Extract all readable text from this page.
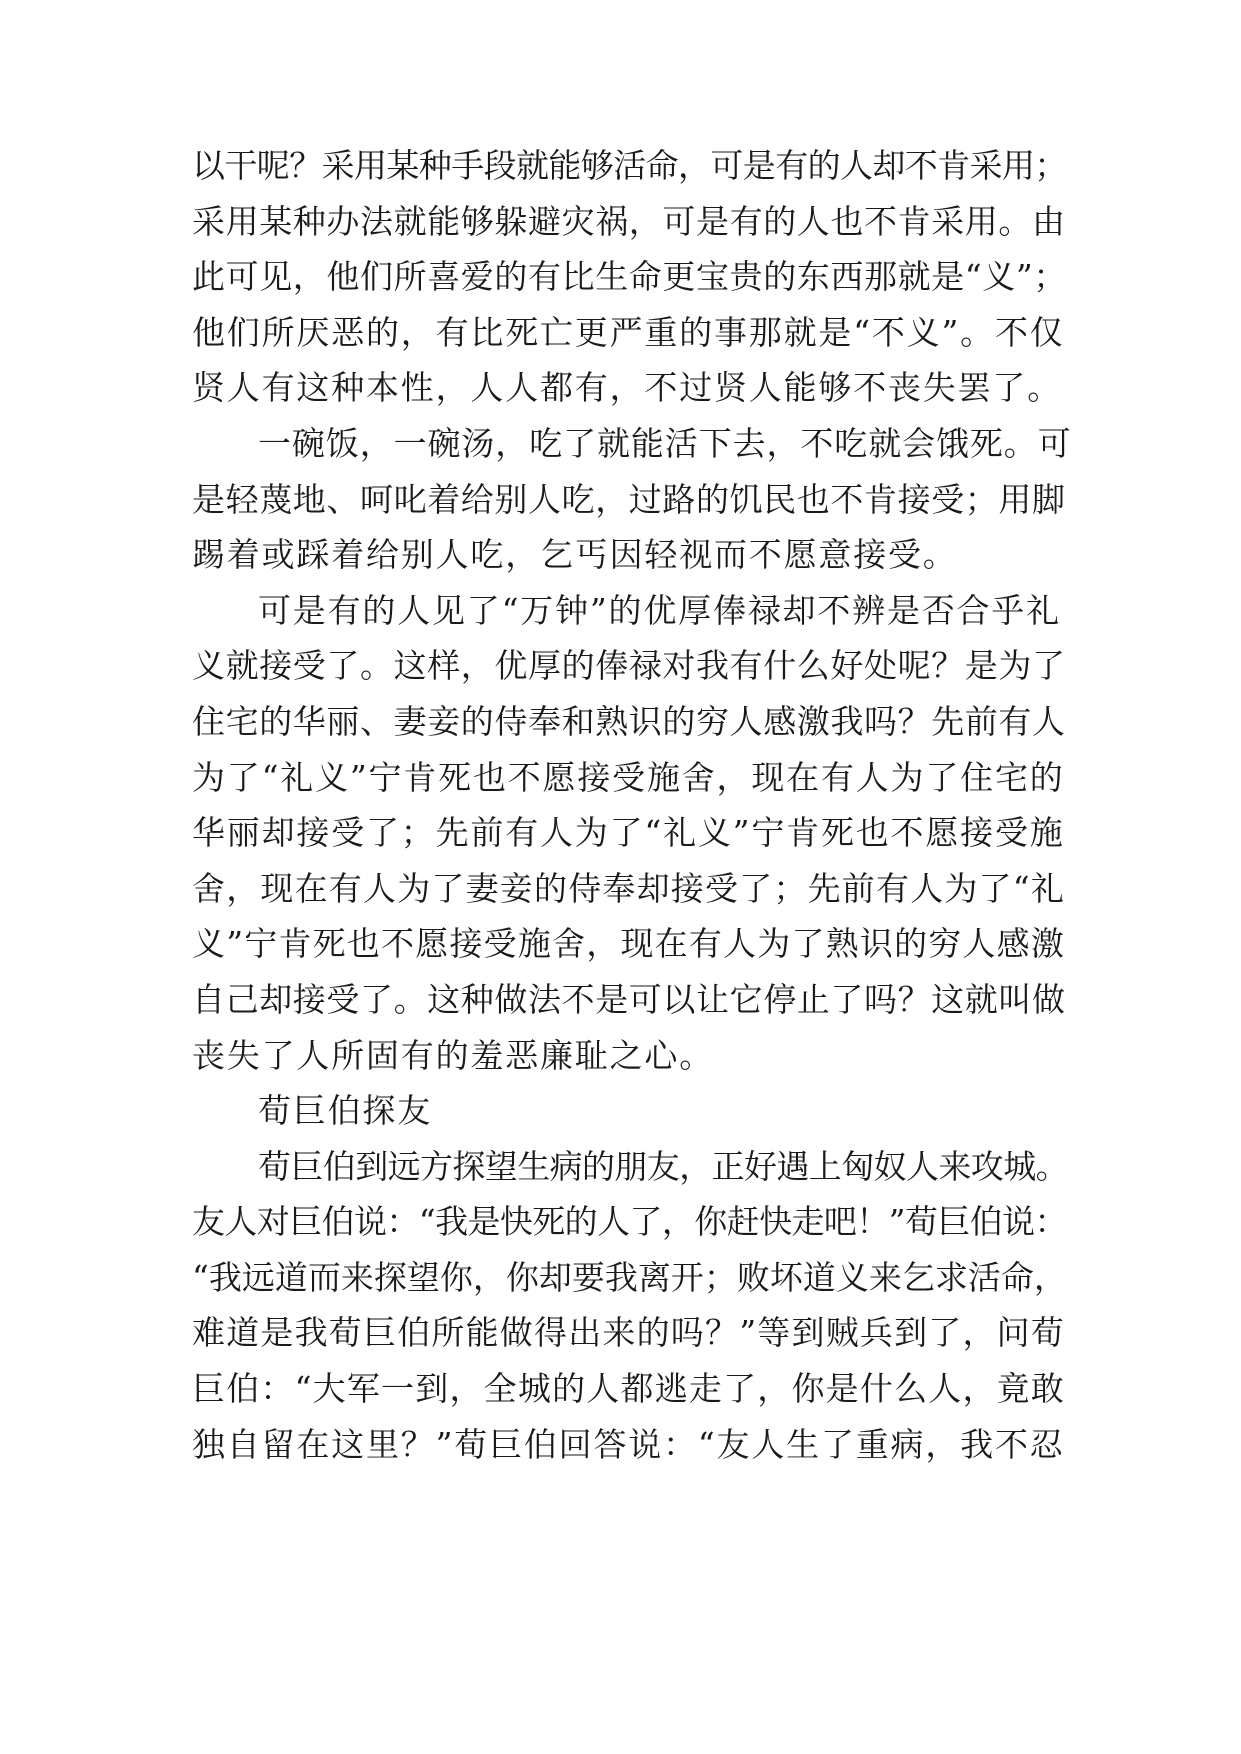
以干呢？采用某种手段就能够活命，可是有的人却不肯采用；
采用某种办法就能够躲避灾祸，可是有的人也不肯采用。由
此可见，他们所喜爱的有比生命更宝贵的东西那就是“义”；
他们所厌恶的，有比死亡更严重的事那就是“不义”。不仅
贤人有这种本性，人人都有，不过贤人能够不丧失罢了。
一碗饭，一碗汤，吃了就能活下去，不吃就会饿死。可
是轻蔑地、呵叱着给别人吃，过路的饥民也不肯接受；用脚
踢着或踩着给别人吃，乞丐因轻视而不愿意接受。
可是有的人见了“万钟”的优厚俸禄却不辨是否合乎礼
义就接受了。这样，优厚的俸禄对我有什么好处呢？是为了
住宅的华丽、妻妾的侍奉和熟识的穷人感激我吗？先前有人
为了“礼义”宁肯死也不愿接受施舍，现在有人为了住宅的
华丽却接受了；先前有人为了“礼义”宁肯死也不愿接受施
舍，现在有人为了妻妾的侍奉却接受了；先前有人为了“礼
义”宁肯死也不愿接受施舍，现在有人为了熟识的穷人感激
自己却接受了。这种做法不是可以让它停止了吗？这就叫做
丧失了人所固有的羞恶廉耻之心。
荀巨伯探友
荀巨伯到远方探望生病的朋友，正好遇上匈奴人来攻城。
友人对巨伯说：“我是快死的人了，你赶快走吧！”荀巨伯说：
“我远道而来探望你，你却要我离开；败坏道义来乞求活命，
难道是我荀巨伯所能做得出来的吗？”等到贼兵到了，问荀
巨伯：“大军一到，全城的人都逃走了，你是什么人，竟敢
独自留在这里？”荀巨伯回答说：“友人生了重病，我不忍
